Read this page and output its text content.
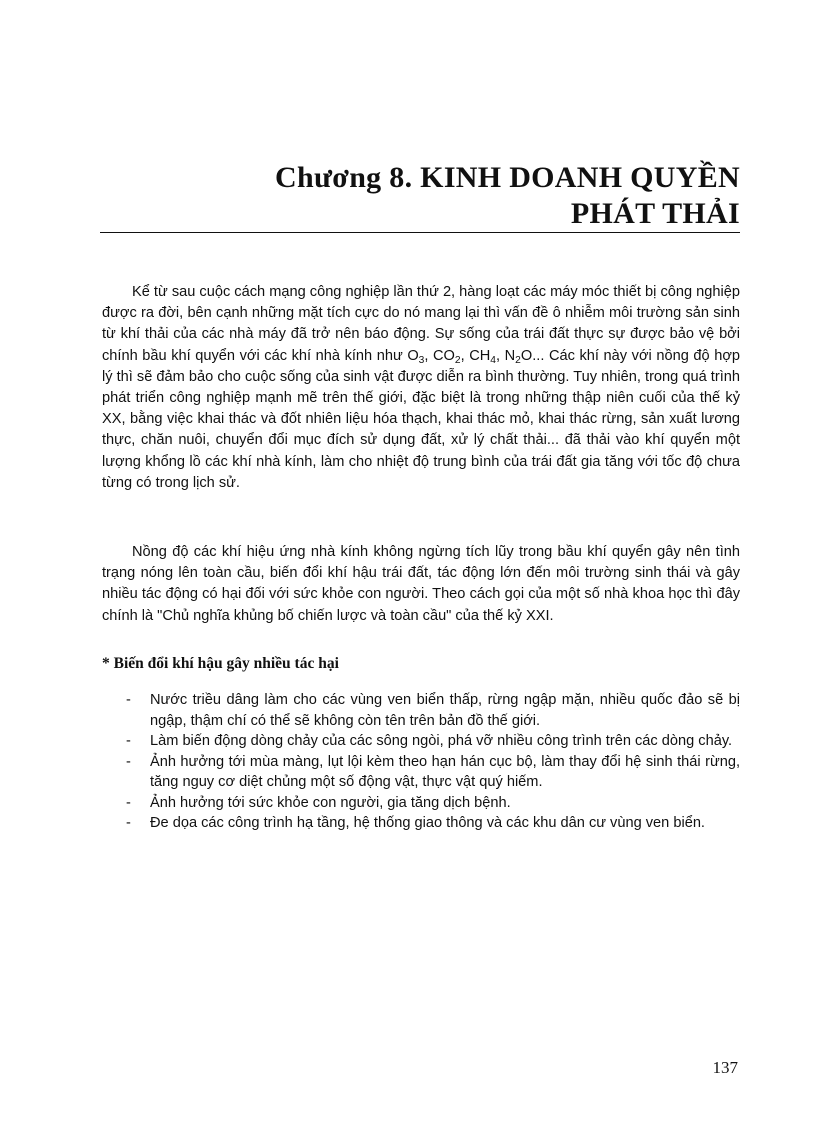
Chương 8. KINH DOANH QUYỀN
PHÁT THẢI

Kể từ sau cuộc cách mạng công nghiệp lần thứ 2, hàng loạt các máy móc thiết bị công nghiệp được ra đời, bên cạnh những mặt tích cực do nó mang lại thì vấn đề ô nhiễm môi trường sản sinh từ khí thải của các nhà máy đã trở nên báo động. Sự sống của trái đất thực sự được bảo vệ bởi chính bầu khí quyển với các khí nhà kính như $O_3$, $CO_2$, $CH_4$, $N_2O$... Các khí này với nồng độ hợp lý thì sẽ đảm bảo cho cuộc sống của sinh vật được diễn ra bình thường. Tuy nhiên, trong quá trình phát triển công nghiệp mạnh mẽ trên thế giới, đặc biệt là trong những thập niên cuối của thế kỷ XX, bằng việc khai thác và đốt nhiên liệu hóa thạch, khai thác mỏ, khai thác rừng, sản xuất lương thực, chăn nuôi, chuyển đổi mục đích sử dụng đất, xử lý chất thải... đã thải vào khí quyển một lượng khổng lồ các khí nhà kính, làm cho nhiệt độ trung bình của trái đất gia tăng với tốc độ chưa từng có trong lịch sử.

Nồng độ các khí hiệu ứng nhà kính không ngừng tích lũy trong bầu khí quyển gây nên tình trạng nóng lên toàn cầu, biến đổi khí hậu trái đất, tác động lớn đến môi trường sinh thái và gây nhiều tác động có hại đối với sức khỏe con người. Theo cách gọi của một số nhà khoa học thì đây chính là "Chủ nghĩa khủng bố chiến lược và toàn cầu" của thế kỷ XXI.

* Biến đổi khí hậu gây nhiều tác hại
- Nước triều dâng làm cho các vùng ven biển thấp, rừng ngập mặn, nhiều quốc đảo sẽ bị ngập, thậm chí có thể sẽ không còn tên trên bản đồ thế giới.
- Làm biến động dòng chảy của các sông ngòi, phá vỡ nhiều công trình trên các dòng chảy.
- Ảnh hưởng tới mùa màng, lụt lội kèm theo hạn hán cục bộ, làm thay đổi hệ sinh thái rừng, tăng nguy cơ diệt chủng một số động vật, thực vật quý hiếm.
- Ảnh hưởng tới sức khỏe con người, gia tăng dịch bệnh.
- Đe dọa các công trình hạ tầng, hệ thống giao thông và các khu dân cư vùng ven biển.

137
